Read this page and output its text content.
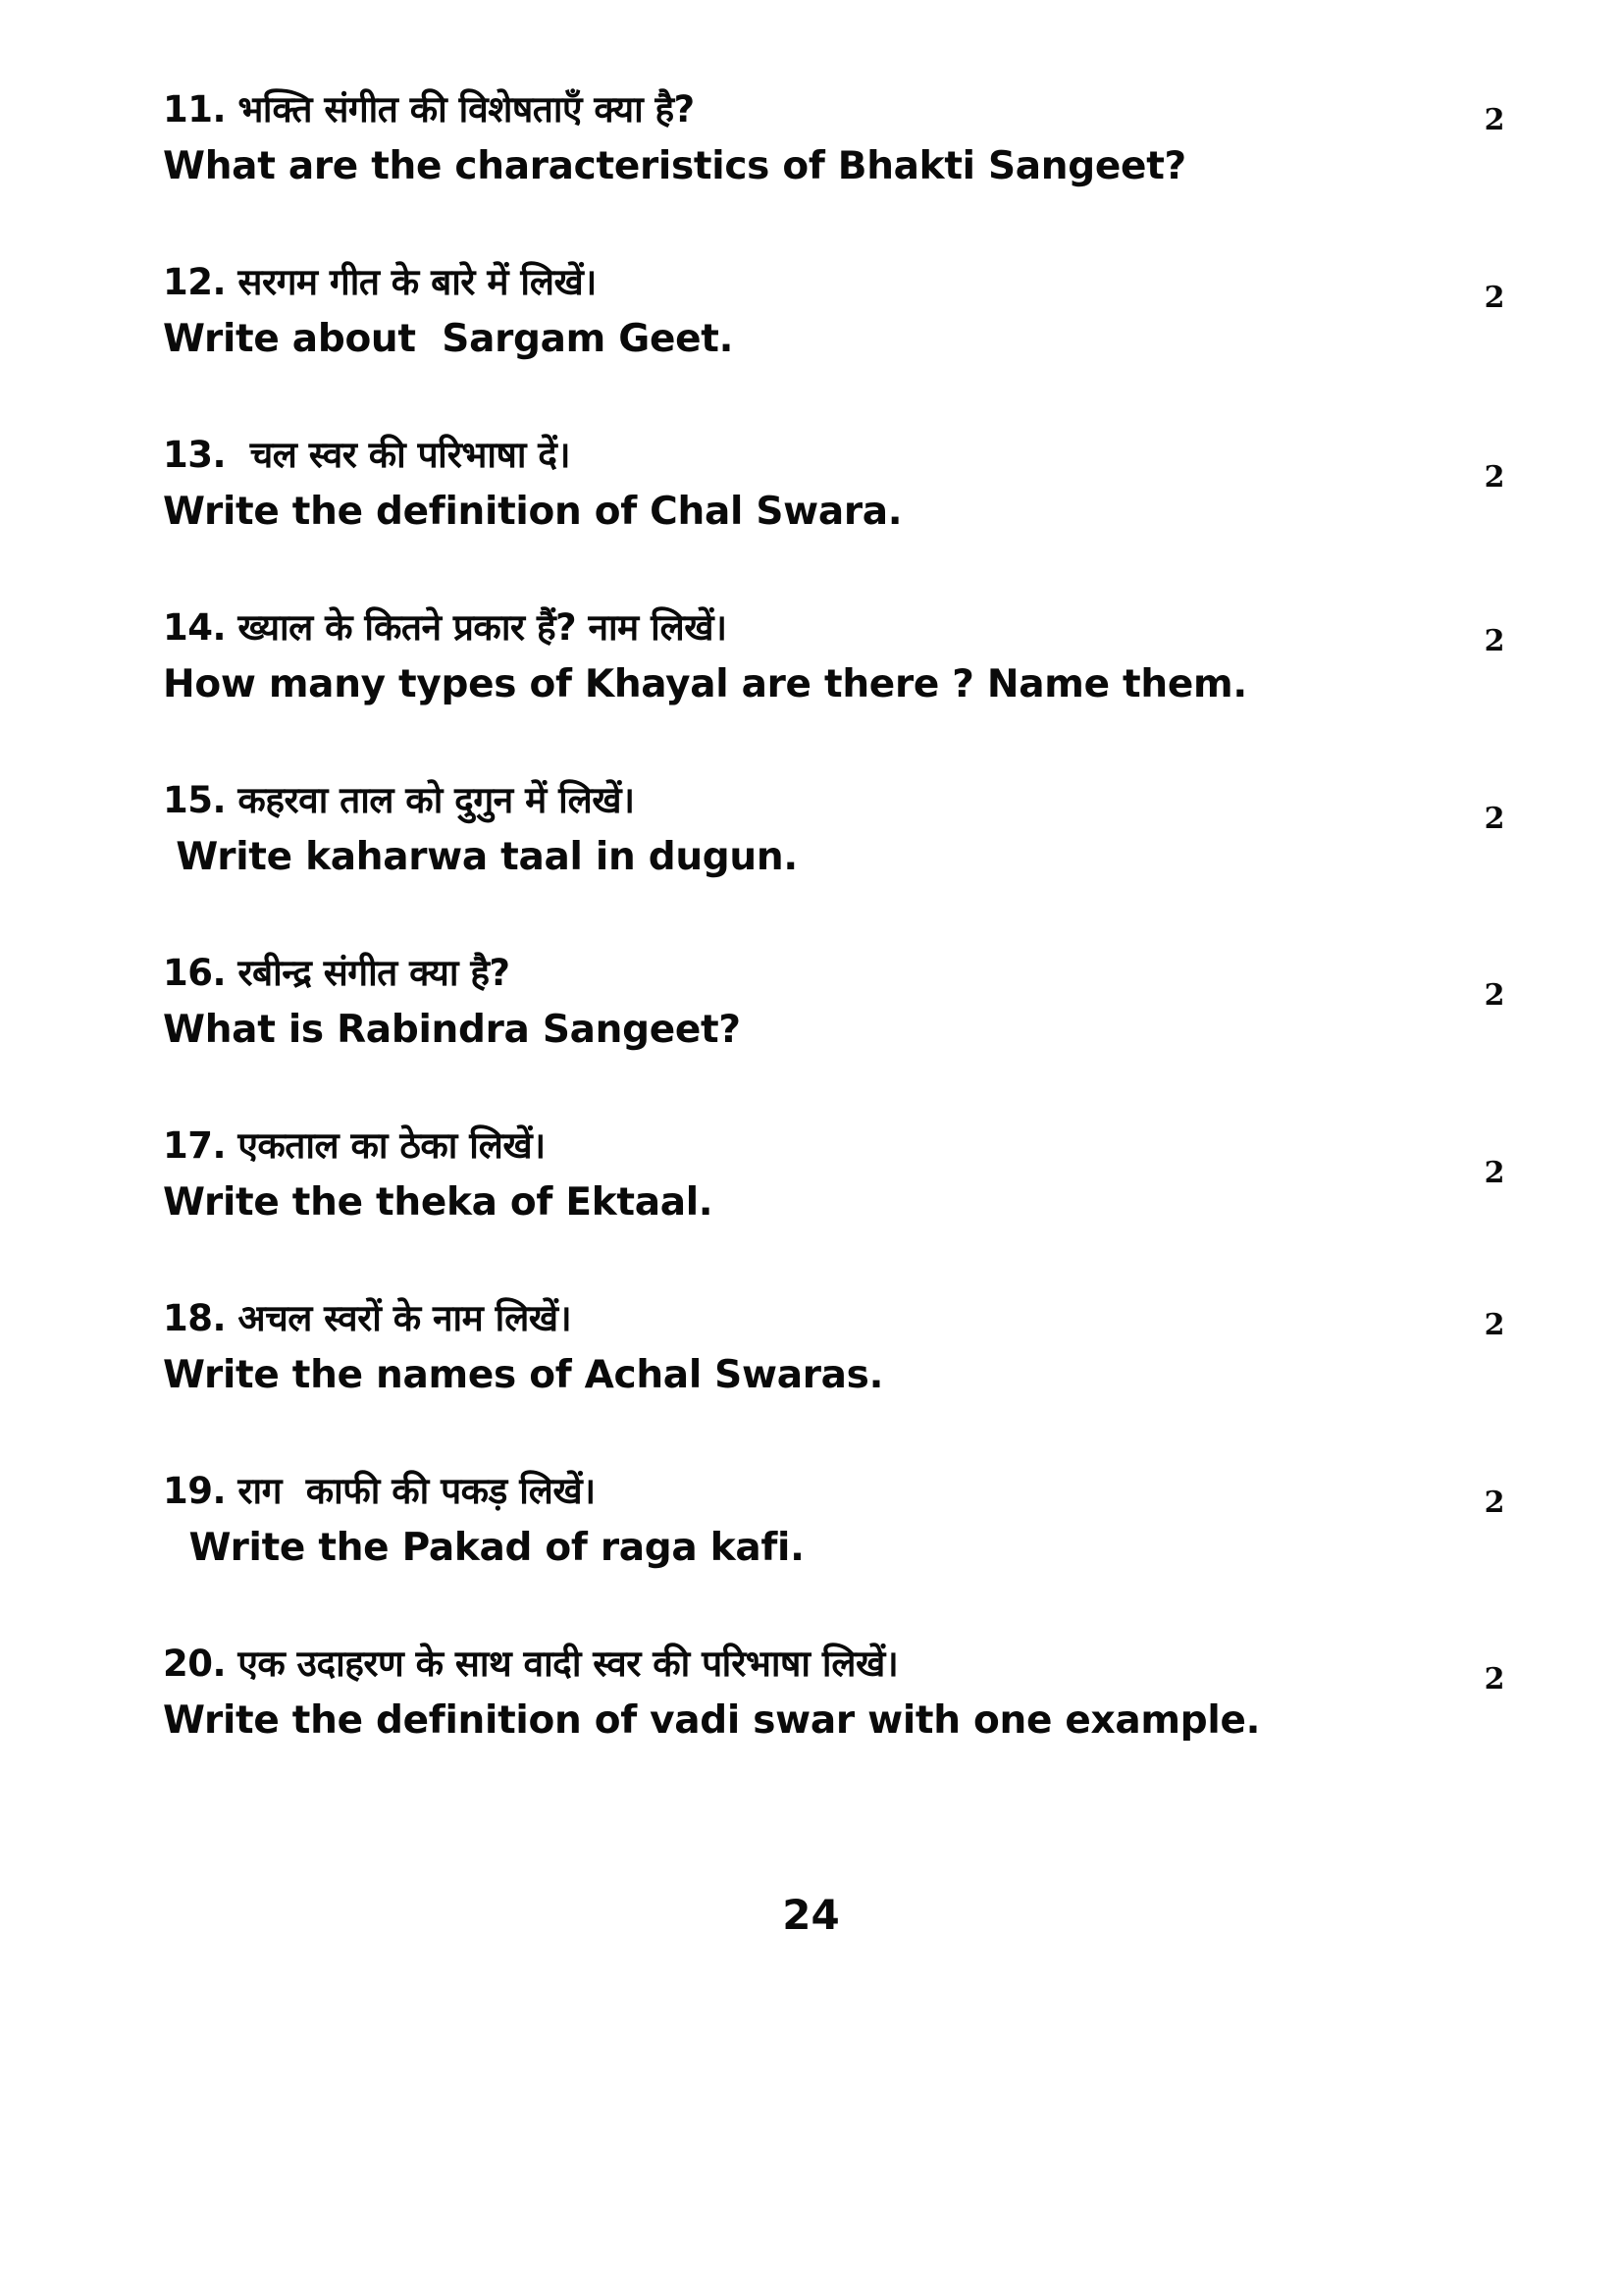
11. भक्ति संगीत की विशेषताएँ क्या है?
What are the characteristics of Bhakti Sangeet?
2
12. सरगम गीत के बारे में लिखें।
Write about  Sargam Geet.
2
13.  चल स्वर की परिभाषा दें।
Write the definition of Chal Swara.
2
14. ख्याल के कितने प्रकार हैं? नाम लिखें।
How many types of Khayal are there ? Name them.
2
15. कहरवा ताल को दुगुन में लिखें।
Write kaharwa taal in dugun.
2
16. रबीन्द्र संगीत क्या है?
What is Rabindra Sangeet?
2
17. एकताल का ठेका लिखें।
Write the theka of Ektaal.
2
18. अचल स्वरों के नाम लिखें।
Write the names of Achal Swaras.
2
19. राग  काफी की पकड़ लिखें।
Write the Pakad of raga kafi.
2
20. एक उदाहरण के साथ वादी स्वर की परिभाषा लिखें।
Write the definition of vadi swar with one example.
2
24
